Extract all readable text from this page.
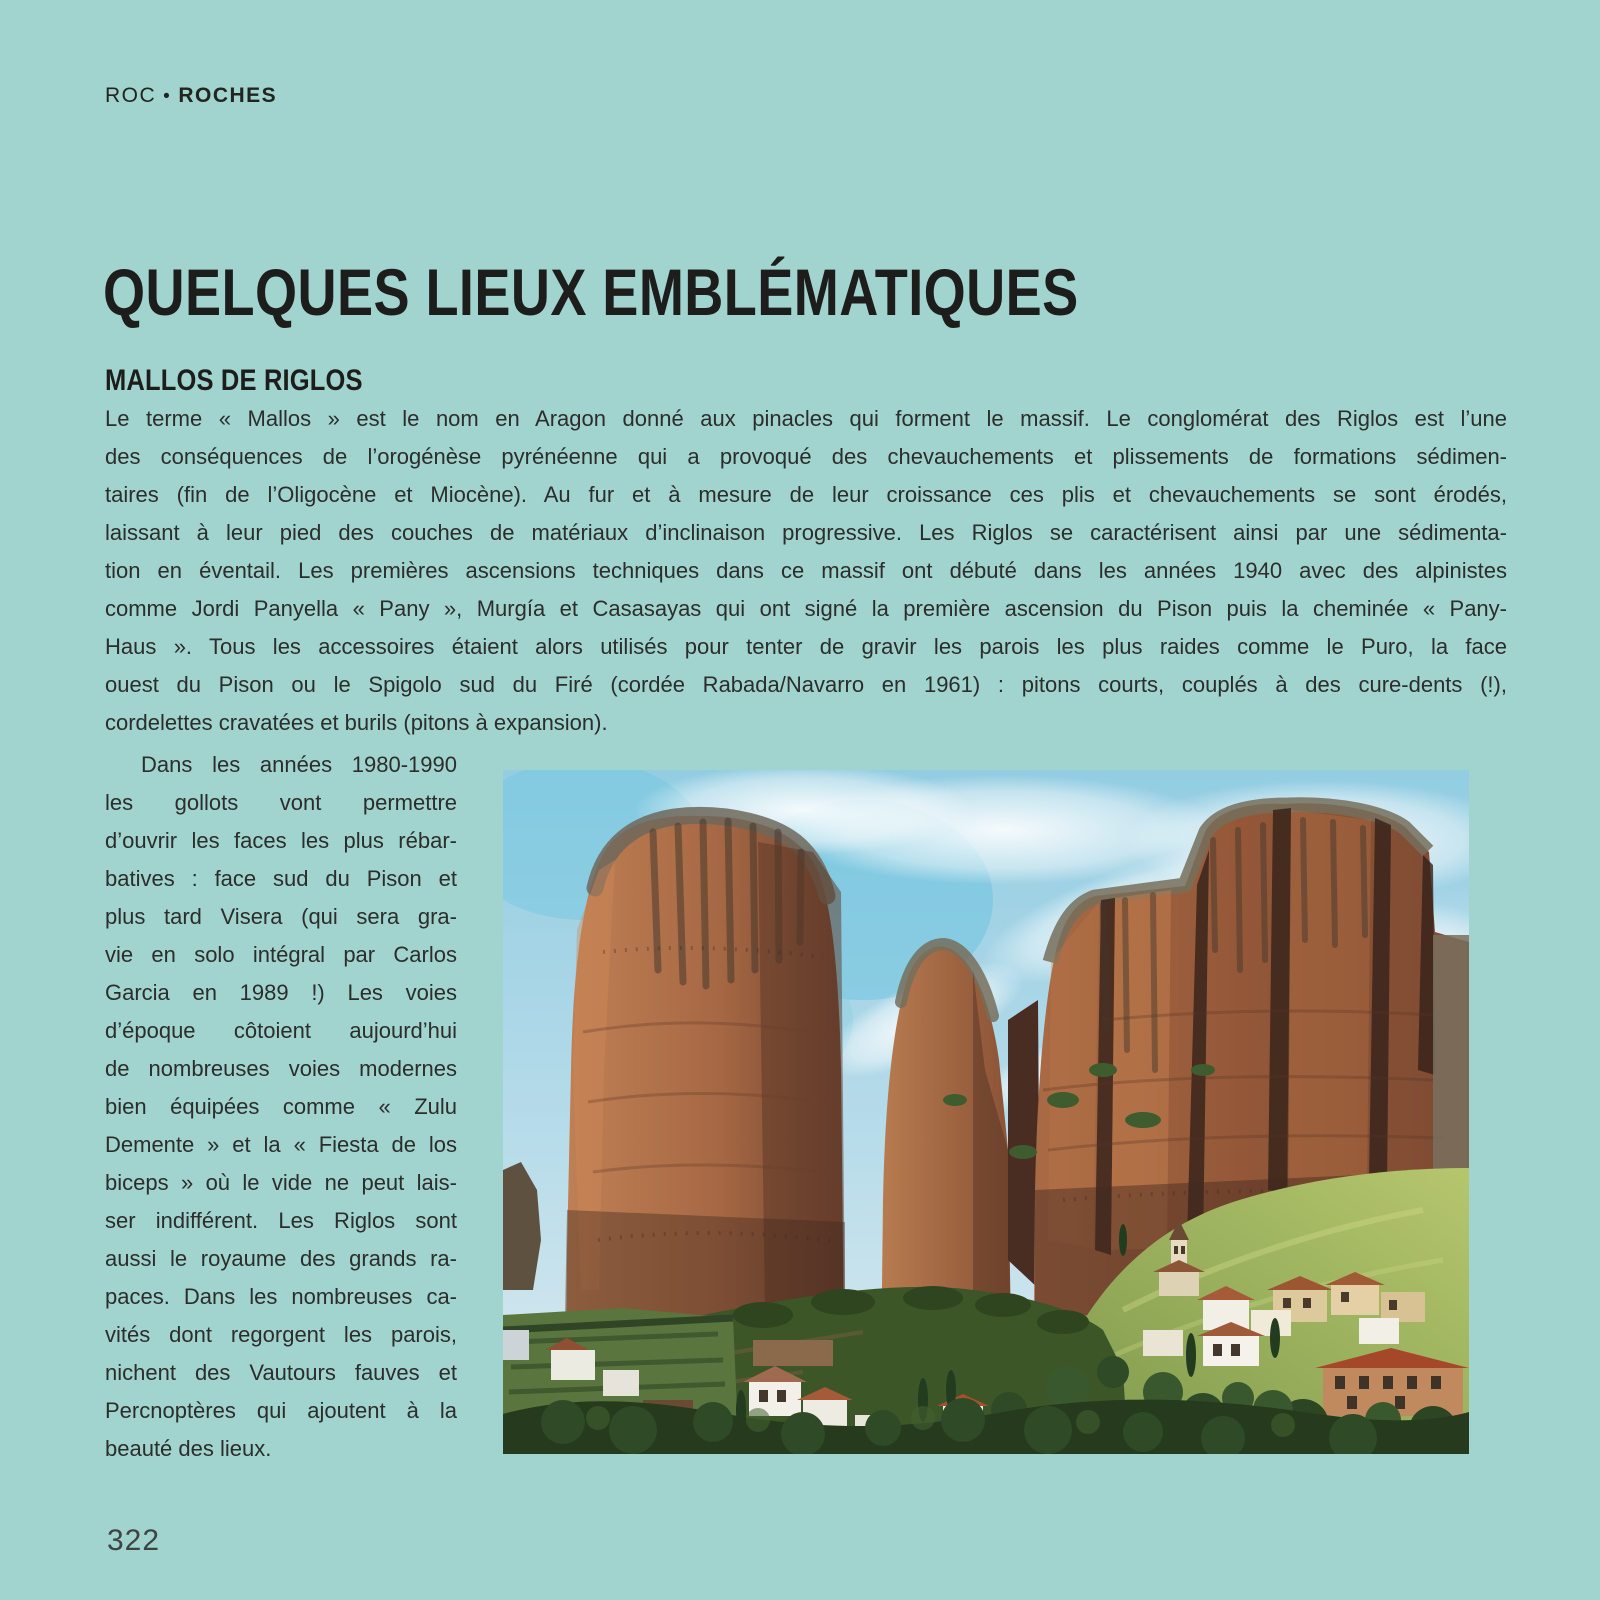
ROC • ROCHES
QUELQUES LIEUX EMBLÉMATIQUES
MALLOS DE RIGLOS
Le terme « Mallos » est le nom en Aragon donné aux pinacles qui forment le massif. Le conglomérat des Riglos est l’une
des conséquences de l’orogénèse pyrénéenne qui a provoqué des chevauchements et plissements de formations sédimen-
taires (fin de l’Oligocène et Miocène). Au fur et à mesure de leur croissance ces plis et chevauchements se sont érodés,
laissant à leur pied des couches de matériaux d’inclinaison progressive. Les Riglos se caractérisent ainsi par une sédimenta-
tion en éventail. Les premières ascensions techniques dans ce massif ont débuté dans les années 1940 avec des alpinistes
comme Jordi Panyella « Pany », Murgía et Casasayas qui ont signé la première ascension du Pison puis la cheminée « Pany-
Haus ». Tous les accessoires étaient alors utilisés pour tenter de gravir les parois les plus raides comme le Puro, la face
ouest du Pison ou le Spigolo sud du Firé (cordée Rabada/Navarro en 1961) : pitons courts, couplés à des cure-dents (!),
cordelettes cravatées et burils (pitons à expansion).
Dans les années 1980-1990
les gollots vont permettre
d’ouvrir les faces les plus rébar-
batives : face sud du Pison et
plus tard Visera (qui sera gra-
vie en solo intégral par Carlos
Garcia en 1989 !) Les voies
d’époque côtoient aujourd’hui
de nombreuses voies modernes
bien équipées comme « Zulu
Demente » et la « Fiesta de los
biceps » où le vide ne peut lais-
ser indifférent. Les Riglos sont
aussi le royaume des grands ra-
paces. Dans les nombreuses ca-
vités dont regorgent les parois,
nichent des Vautours fauves et
Percnoptères qui ajoutent à la
beauté des lieux.
322
